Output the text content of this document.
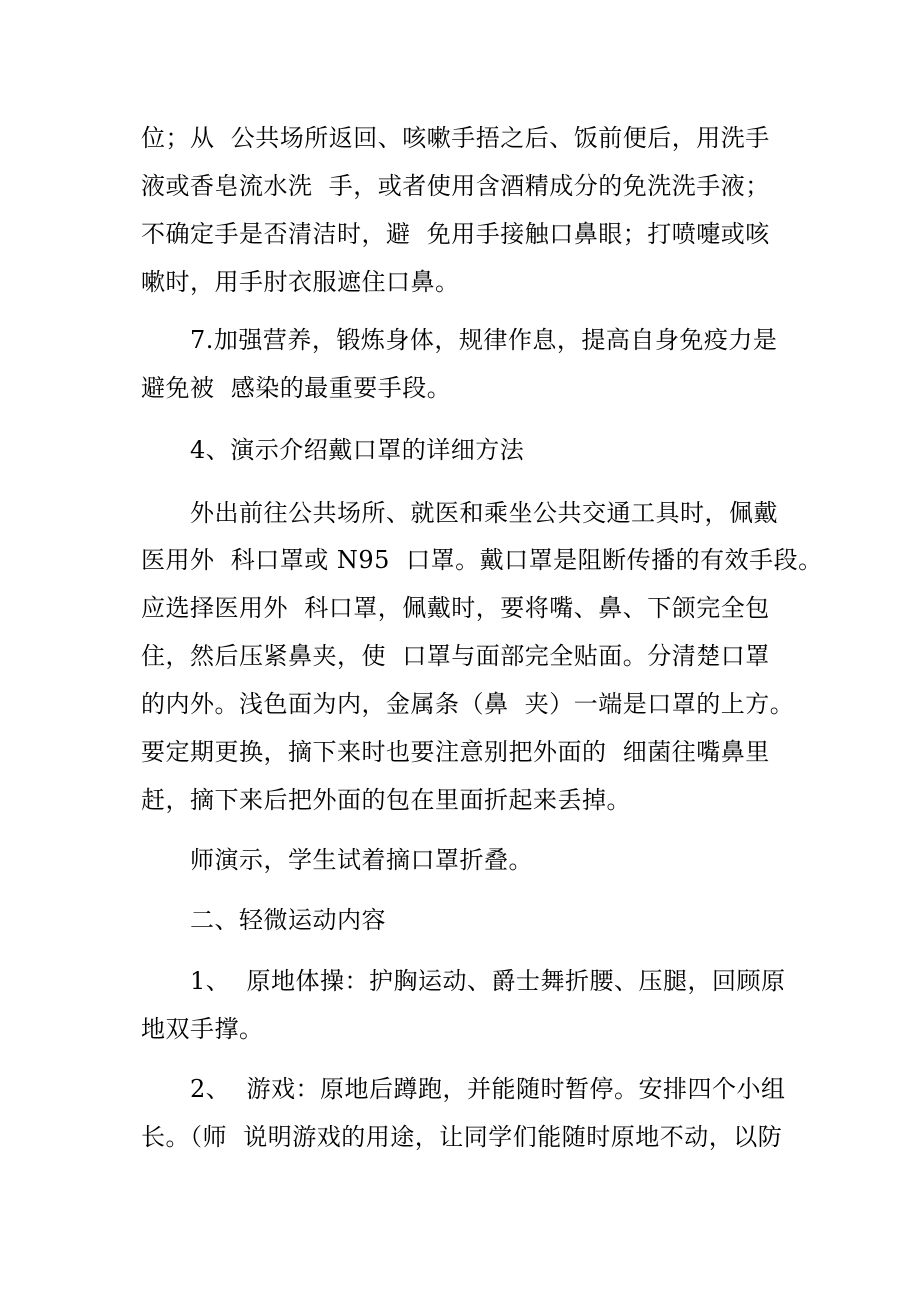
位；从  公共场所返回、咳嗽手捂之后、饭前便后，用洗手
液或香皂流水洗  手，或者使用含酒精成分的免洗洗手液；
不确定手是否清洁时，避  免用手接触口鼻眼；打喷嚏或咳
嗽时，用手肘衣服遮住口鼻。
7.加强营养，锻炼身体，规律作息，提高自身免疫力是
避免被  感染的最重要手段。
4、演示介绍戴口罩的详细方法
外出前往公共场所、就医和乘坐公共交通工具时，佩戴
医用外  科口罩或 N95  口罩。戴口罩是阻断传播的有效手段。
应选择医用外  科口罩，佩戴时，要将嘴、鼻、下颌完全包
住，然后压紧鼻夹，使  口罩与面部完全贴面。分清楚口罩
的内外。浅色面为内，金属条（鼻  夹）一端是口罩的上方。
要定期更换，摘下来时也要注意别把外面的  细菌往嘴鼻里
赶，摘下来后把外面的包在里面折起来丢掉。
师演示，学生试着摘口罩折叠。
二、轻微运动内容
1、  原地体操：护胸运动、爵士舞折腰、压腿，回顾原
地双手撑。
2、  游戏：原地后蹲跑，并能随时暂停。安排四个小组
长。（师  说明游戏的用途，让同学们能随时原地不动，以防
